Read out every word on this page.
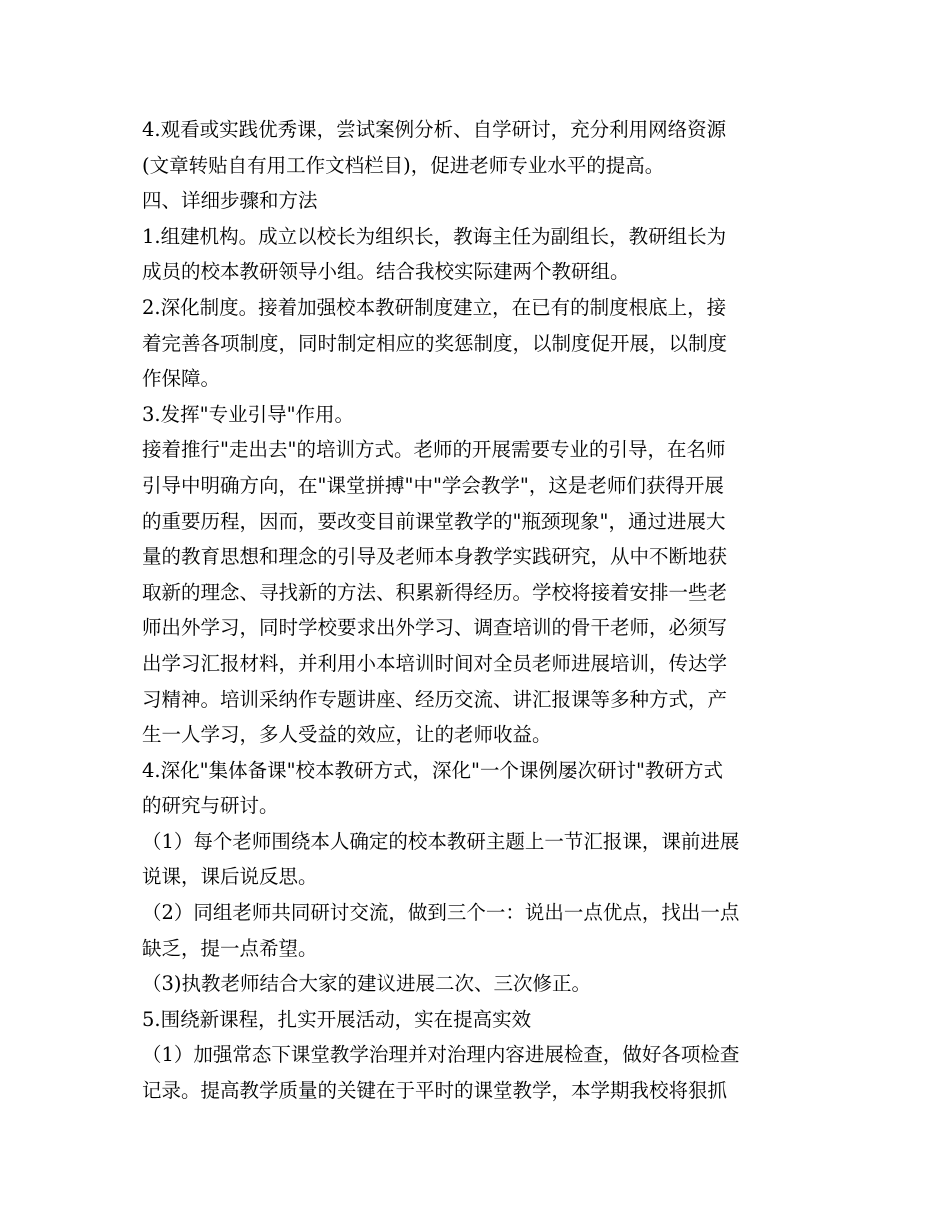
4.观看或实践优秀课，尝试案例分析、自学研讨，充分利用网络资源
(文章转贴自有用工作文档栏目)，促进老师专业水平的提高。
四、详细步骤和方法
1.组建机构。成立以校长为组织长，教诲主任为副组长，教研组长为
成员的校本教研领导小组。结合我校实际建两个教研组。
2.深化制度。接着加强校本教研制度建立，在已有的制度根底上，接
着完善各项制度，同时制定相应的奖惩制度，以制度促开展，以制度
作保障。
3.发挥"专业引导"作用。
接着推行"走出去"的培训方式。老师的开展需要专业的引导，在名师
引导中明确方向，在"课堂拼搏"中"学会教学"，这是老师们获得开展
的重要历程，因而，要改变目前课堂教学的"瓶颈现象"，通过进展大
量的教育思想和理念的引导及老师本身教学实践研究，从中不断地获
取新的理念、寻找新的方法、积累新得经历。学校将接着安排一些老
师出外学习，同时学校要求出外学习、调查培训的骨干老师，必须写
出学习汇报材料，并利用小本培训时间对全员老师进展培训，传达学
习精神。培训采纳作专题讲座、经历交流、讲汇报课等多种方式，产
生一人学习，多人受益的效应，让的老师收益。
4.深化"集体备课"校本教研方式，深化"一个课例屡次研讨"教研方式
的研究与研讨。
（1）每个老师围绕本人确定的校本教研主题上一节汇报课，课前进展
说课，课后说反思。
（2）同组老师共同研讨交流，做到三个一：说出一点优点，找出一点
缺乏，提一点希望。
（3)执教老师结合大家的建议进展二次、三次修正。
5.围绕新课程，扎实开展活动，实在提高实效
（1）加强常态下课堂教学治理并对治理内容进展检查，做好各项检查
记录。提高教学质量的关键在于平时的课堂教学，本学期我校将狠抓
